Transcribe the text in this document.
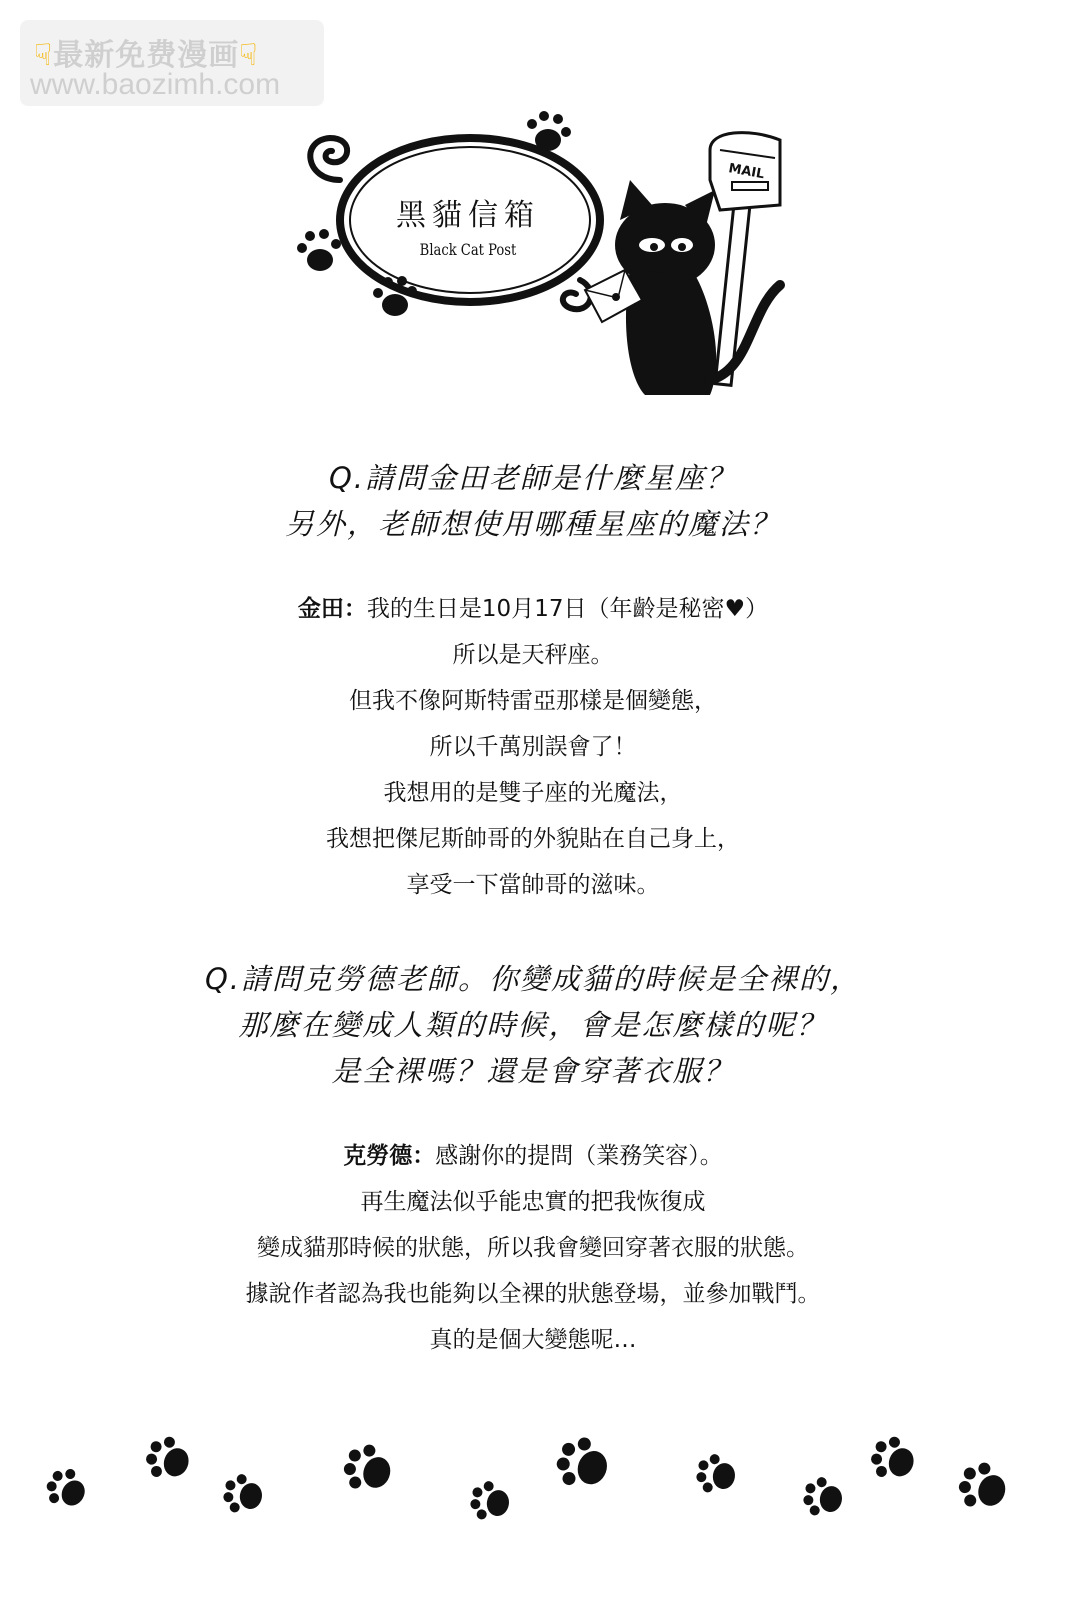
☟最新免费漫画☟
www.baozimh.com
MAIL
黑貓信箱
Black Cat Post
Q.請問金田老師是什麼星座？
另外，老師想使用哪種星座的魔法？
金田：我的生日是10月17日（年齡是秘密♥）
所以是天秤座。
但我不像阿斯特雷亞那樣是個變態，
所以千萬別誤會了！
我想用的是雙子座的光魔法，
我想把傑尼斯帥哥的外貌貼在自己身上，
享受一下當帥哥的滋味。
Q.請問克勞德老師。你變成貓的時候是全裸的，
那麼在變成人類的時候，會是怎麼樣的呢？
是全裸嗎？還是會穿著衣服？
克勞德：感謝你的提問（業務笑容）。
再生魔法似乎能忠實的把我恢復成
變成貓那時候的狀態，所以我會變回穿著衣服的狀態。
據說作者認為我也能夠以全裸的狀態登場，並參加戰鬥。
真的是個大變態呢…
